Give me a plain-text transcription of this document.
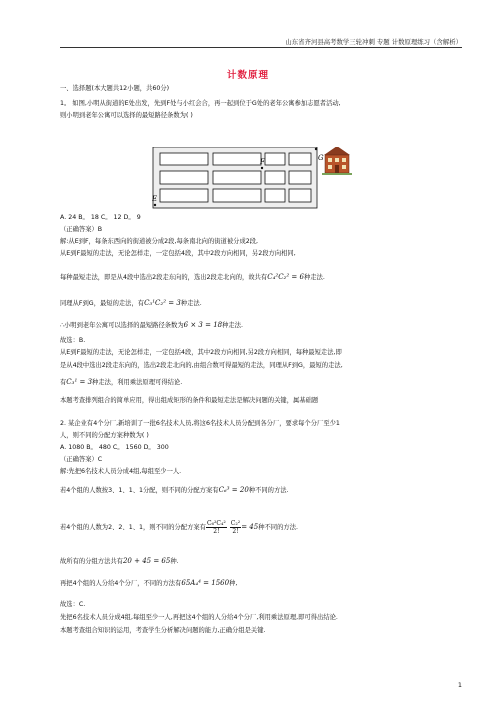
山东省齐河县高考数学三轮冲刺 专题 计数原理练习（含解析）
计数原理
一、选择题(本大题共12小题，共60分)
1。 如图,小明从街道的E处出发，先到F处与小红会合，再一起到位于G处的老年公寓参加志愿者活动,
则小明到老年公寓可以选择的最短路径条数为( )
E
F	G
A. 24 B。 18 C。 12 D。 9
（正确答案）B
解:从E到F，每条东西向的街道被分成2段,每条南北向的街道被分成2段,
从E到F最短的走法，无论怎样走，一定包括4段，其中2段方向相同，另2段方向相同,
每种最短走法，即是从4段中选出2段走东向的，选出2段走北向的，故共有C₄²C₂² = 6种走法.
同理从F到G，最短的走法，有C₃¹C₂² = 3种走法.
∴小明到老年公寓可以选择的最短路径条数为6 × 3 = 18种走法.
故选：B.
从E到F最短的走法，无论怎样走，一定包括4段，其中2段方向相同,另2段方向相同，每种最短走法,即
是从4段中选出2段走东向的，选出2段走北向的,由组合数可得最短的走法，同理从F到G，最短的走法,
有C₃¹ = 3种走法，利用乘法原理可得结论.
本题考查排列组合的简单应用，得出组成矩形的条件和最短走法是解决问题的关键，属基础题
2. 某企业有4个分厂,新培训了一批6名技术人员,将这6名技术人员分配到各分厂，要求每个分厂至少1
人，则不同的分配方案种数为( )
A. 1080 B。 480 C。 1560 D。 300
（正确答案）C
解:先把6名技术人员分成4组,每组至少一人.
若4个组的人数按3、1、1、1分配，则不同的分配方案有C₆³ = 20种不同的方法.
若4个组的人数为2、2、1、1，则不同的分配方案有 $\frac{\text{C₆²C₄²}}{2!} \frac{\text{C₂²}}{2!} = 45$种不同的方法.
故所有的分组方法共有20 + 45 = 65种.
再把4个组的人分给4个分厂，不同的方法有65A₄⁴ = 1560种,
故选：C.
先把6名技术人员分成4组,每组至少一人,再把这4个组的人分给4个分厂,利用乘法原理,即可得出结论.
本题考查组合知识的运用，考查学生分析解决问题的能力,正确分组是关键.
1
